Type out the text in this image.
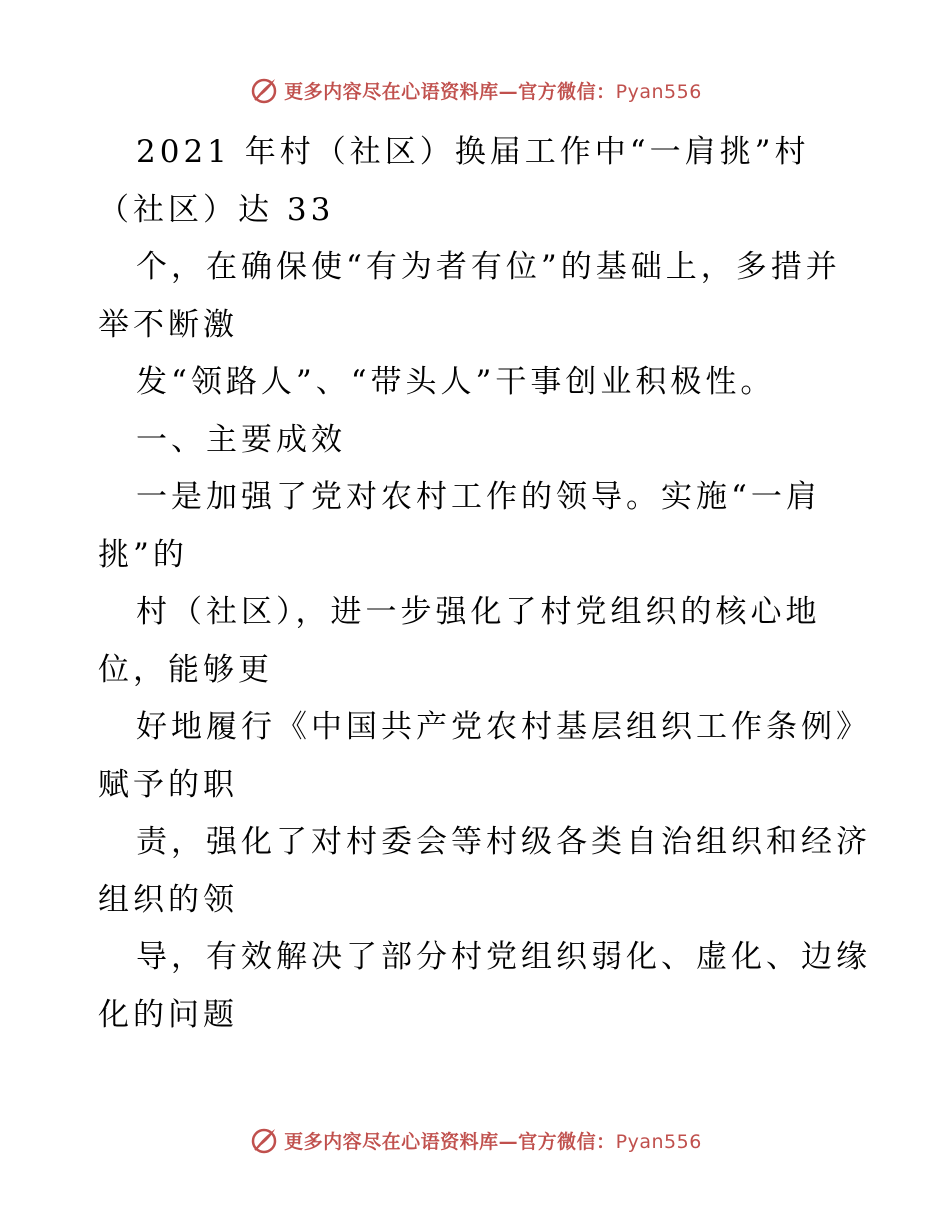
更多内容尽在心语资料库—官方微信：Pyan556
2021 年村（社区）换届工作中“一肩挑”村
（社区）达 33
个，在确保使“有为者有位”的基础上，多措并
举不断激
发“领路人”、“带头人”干事创业积极性。
一、主要成效
一是加强了党对农村工作的领导。实施“一肩
挑”的
村（社区），进一步强化了村党组织的核心地
位，能够更
好地履行《中国共产党农村基层组织工作条例》
赋予的职
责，强化了对村委会等村级各类自治组织和经济
组织的领
导，有效解决了部分村党组织弱化、虚化、边缘
化的问题
更多内容尽在心语资料库—官方微信：Pyan556
